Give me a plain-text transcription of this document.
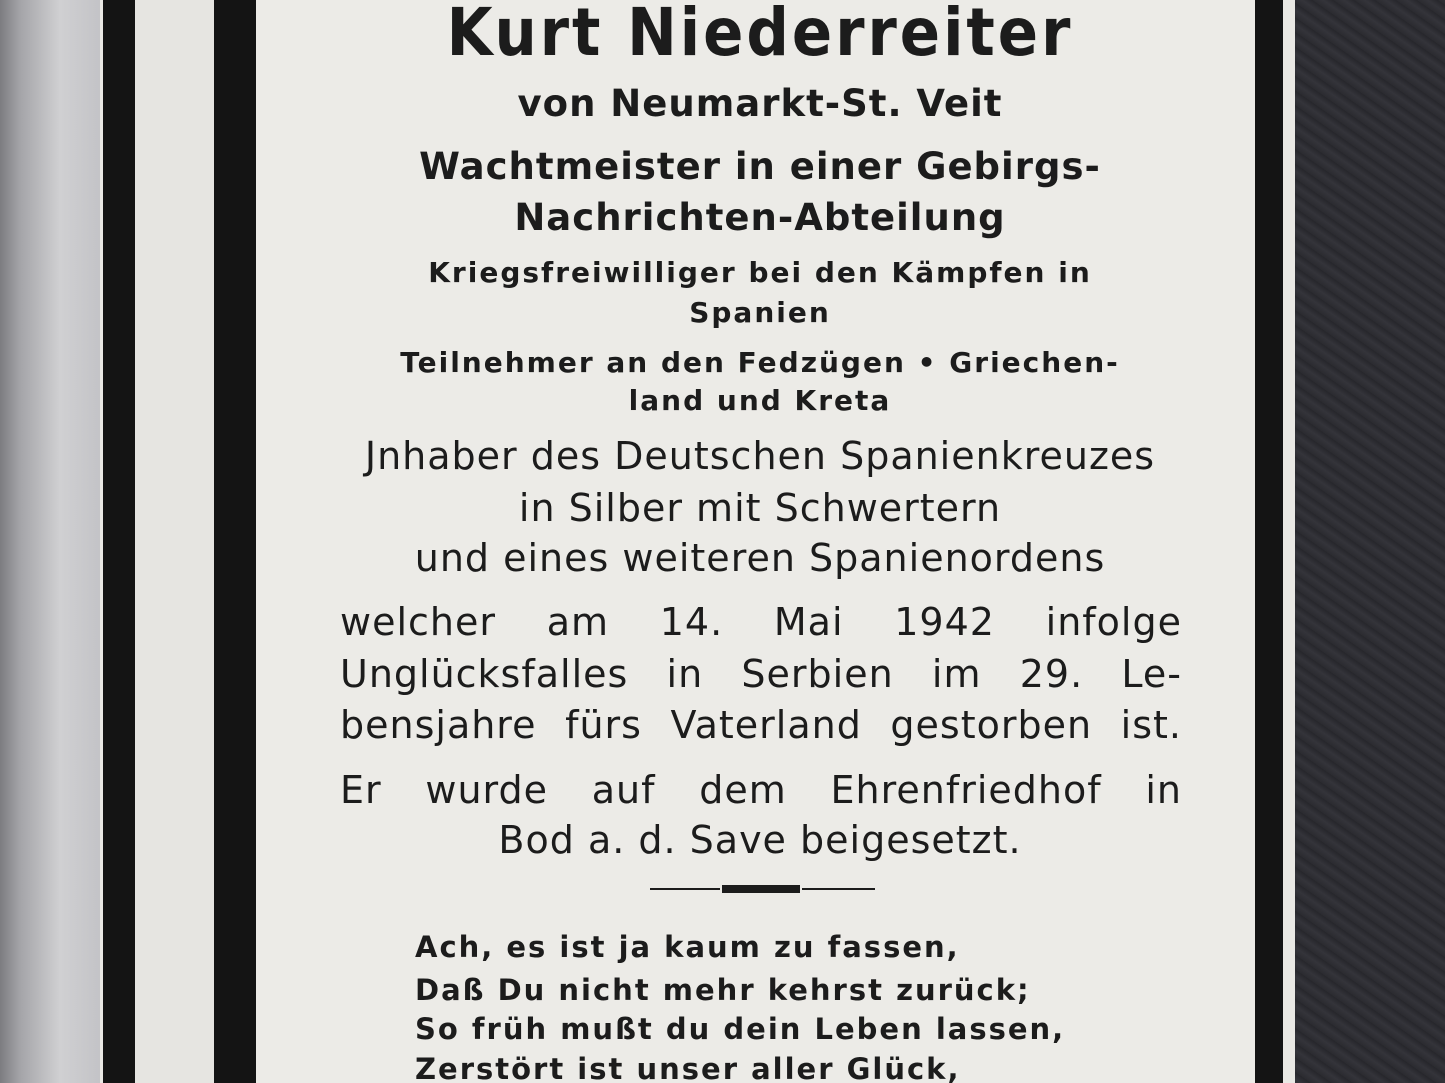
Kurt Niederreiter
von Neumarkt-St. Veit
Wachtmeister in einer Gebirgs-
Nachrichten-Abteilung
Kriegsfreiwilliger bei den Kämpfen in
Spanien
Teilnehmer an den Fedzügen • Griechen-
land und Kreta
Jnhaber des Deutschen Spanienkreuzes
in Silber mit Schwertern
und eines weiteren Spanienordens
welcher am 14. Mai 1942 infolge
Unglücksfalles in Serbien im 29. Le-
bensjahre fürs Vaterland gestorben ist.
Er wurde auf dem Ehrenfriedhof in
Bod a. d. Save beigesetzt.
Ach, es ist ja kaum zu fassen,
Daß Du nicht mehr kehrst zurück;
So früh mußt du dein Leben lassen,
Zerstört ist unser aller Glück,
